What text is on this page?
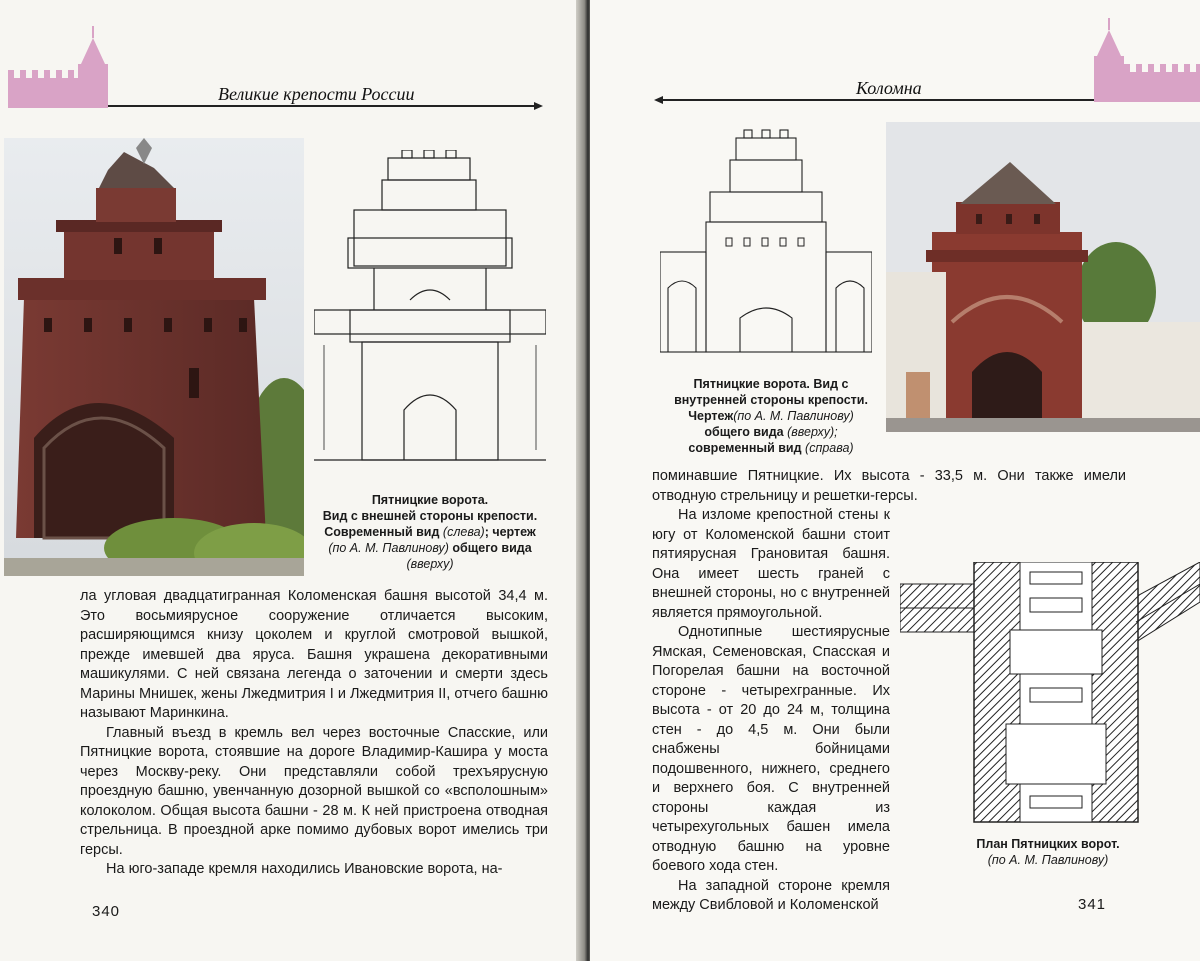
Великие крепости России
Пятницкие ворота.
Вид с внешней стороны крепости.
Современный вид (слева); чертеж
(по А. М. Павлинову) общего вида
(вверху)

ла угловая двадцатигранная Коломенская башня высотой 34,4 м. Это восьмиярусное сооружение отличается высоким, расширяющимся книзу цоколем и круглой смотровой вышкой, прежде имевшей два яруса. Башня украшена декоративными машикулями. С ней связана легенда о заточении и смерти здесь Марины Мнишек, жены Лжедмитрия I и Лжедмитрия II, отчего башню называют Маринкина.

Главный въезд в кремль вел через восточные Спасские, или Пятницкие ворота, стоявшие на дороге Владимир-Кашира у моста через Москву-реку. Они представляли собой трехъярусную проездную башню, увенчанную дозорной вышкой со «всполошным» колоколом. Общая высота башни - 28 м. К ней пристроена отводная стрельница. В проездной арке помимо дубовых ворот имелись три герсы.

На юго-западе кремля находились Ивановские ворота, на-

340
Коломна
Пятницкие ворота. Вид с
внутренней стороны крепости.
Чертеж(по А. М. Павлинову)
общего вида (вверху);
современный вид (справа)

поминавшие Пятницкие. Их высота - 33,5 м. Они также имели отводную стрельницу и решетки-герсы.

На изломе крепостной стены к югу от Коломенской башни стоит пятиярусная Грановитая башня. Она имеет шесть граней с внешней стороны, но с внутренней является прямоугольной.

Однотипные шестиярусные Ямская, Семеновская, Спасская и Погорелая башни на восточной стороне - четырехгранные. Их высота - от 20 до 24 м, толщина стен - до 4,5 м. Они были снабжены бойницами подошвенного, нижнего, среднего и верхнего боя. С внутренней стороны каждая из четырехугольных башен имела отводную башню на уровне боевого хода стен.

На западной стороне кремля между Свибловой и Коломенской

План Пятницких ворот.
(по А. М. Павлинову)
341
